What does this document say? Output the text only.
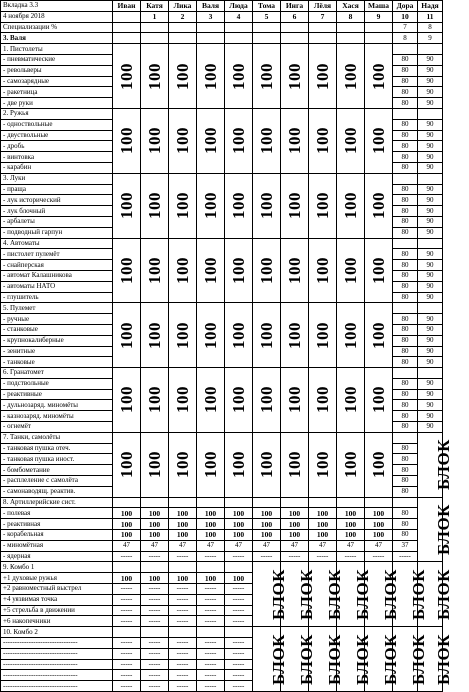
Вкладка 3.3	Иван	Катя	Лика	Валя	Люда	Тома	Инга	Лёля	Хася	Маша	Дора	Надя
4 ноября 2018		1	2	3	4	5	6	7	8	9	10	11
Специализации %											7	8
3. Валя											8	9
1. Пистолеты	100	100	100	100	100	100	100	100	100	100		
- пневматические											80	90
- револьверы											80	90
- самозарядные											80	90
- ракетница											80	90
- две руки											80	90
2. Ружья	100	100	100	100	100	100	100	100	100	100		
- одноствольные											80	90
- двуствольные											80	90
- дробь											80	90
- винтовка											80	90
- карабин											80	90
3. Луки	100	100	100	100	100	100	100	100	100	100		
- праща											80	90
- лук исторический											80	90
- лук блочный											80	90
- арбалеты											80	90
- подводный гарпун											80	90
4. Автоматы	100	100	100	100	100	100	100	100	100	100		
- пистолет пулемёт											80	90
- снайперская											80	90
- автомат Калашникова											80	90
- автоматы НАТО											80	90
- глушитель											80	90
5. Пулемет	100	100	100	100	100	100	100	100	100	100		
- ручные											80	90
- станковые											80	90
- крупнокалиберные											80	90
- зенитные											80	90
- танковые											80	90
6. Гранатомет	100	100	100	100	100	100	100	100	100	100		
- подствольные											80	90
- реактивные											80	90
- дульнозаряд. миномёты											80	90
- казнозаряд. миномёты											80	90
- огнемёт											80	90
7. Танки, самолёты	100	100	100	100	100	100	100	100	100	100		БЛОК
- танковая пушка отеч.											80	
- танковая пушка иност.											80	
- бомбометание											80	
- расплеление с самолёта											80	
- самонаводящ. реактив.											80	
8. Артиллерийские сист.												БЛОК
- полевая	100	100	100	100	100	100	100	100	100	100	80	
- реактивная	100	100	100	100	100	100	100	100	100	100	80	
- корабельная	100	100	100	100	100	100	100	100	100	100	80	
- миномётная	47	47	47	47	47	47	47	47	47	47	37	
- ядерная	-----	-----	-----	-----	-----	-----	-----	-----	-----	-----	-----	
9. Комбо 1						БЛОК	БЛОК	БЛОК	БЛОК	БЛОК	БЛОК	БЛОК
+1 духовые ружья	100	100	100	100	100							
+2 равноместный выстрел	-----	-----	-----	-----	-----							
+4 уязвимая точка	-----	-----	-----	-----	-----							
+5 стрельба в движении	-----	-----	-----	-----	-----							
+6 накопечники	-----	-----	-----	-----	-----							
10. Комбо 2						БЛОК	БЛОК	БЛОК	БЛОК	БЛОК	БЛОК	БЛОК
--------------------------------	-----	-----	-----	-----	-----							
--------------------------------	-----	-----	-----	-----	-----							
--------------------------------	-----	-----	-----	-----	-----							
--------------------------------	-----	-----	-----	-----	-----							
--------------------------------	-----	-----	-----	-----	-----							
